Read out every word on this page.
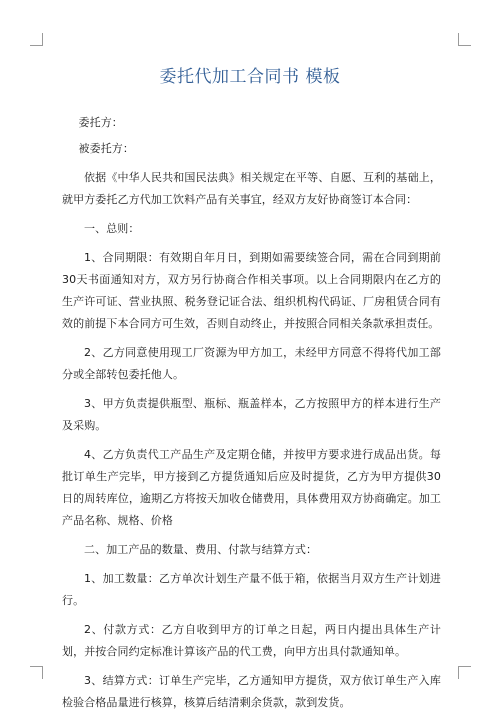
委托代加工合同书 模板

委托方：

被委托方：

依据《中华人民共和国民法典》相关规定在平等、自愿、互利的基础上，就甲方委托乙方代加工饮料产品有关事宜，经双方友好协商签订本合同：

一、总则：

1、合同期限：有效期自年月日，到期如需要续签合同，需在合同到期前30天书面通知对方，双方另行协商合作相关事项。以上合同期限内在乙方的生产许可证、营业执照、税务登记证合法、组织机构代码证、厂房租赁合同有效的前提下本合同方可生效，否则自动终止，并按照合同相关条款承担责任。

2、乙方同意使用现工厂资源为甲方加工，未经甲方同意不得将代加工部分或全部转包委托他人。

3、甲方负责提供瓶型、瓶标、瓶盖样本，乙方按照甲方的样本进行生产及采购。

4、乙方负责代工产品生产及定期仓储，并按甲方要求进行成品出货。每批订单生产完毕，甲方接到乙方提货通知后应及时提货，乙方为甲方提供30日的周转库位，逾期乙方将按天加收仓储费用，具体费用双方协商确定。加工产品名称、规格、价格

二、加工产品的数量、费用、付款与结算方式：

1、加工数量：乙方单次计划生产量不低于箱，依据当月双方生产计划进行。

2、付款方式：乙方自收到甲方的订单之日起，两日内提出具体生产计划，并按合同约定标准计算该产品的代工费，向甲方出具付款通知单。

3、结算方式：订单生产完毕，乙方通知甲方提货，双方依订单生产入库检验合格品量进行核算，核算后结清剩余货款，款到发货。
